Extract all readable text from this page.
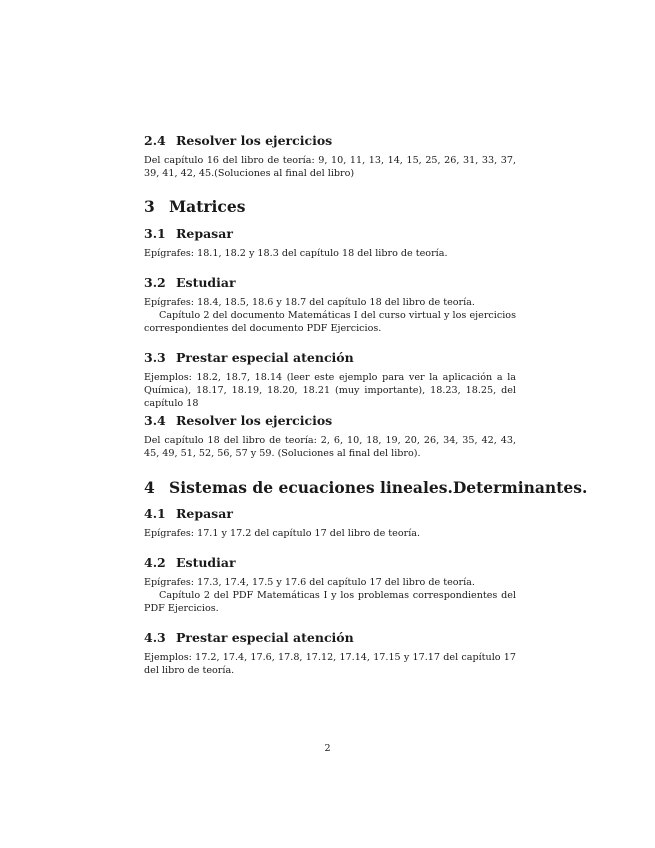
2.4 Resolver los ejercicios

Del capítulo 16 del libro de teoría: 9, 10, 11, 13, 14, 15, 25, 26, 31, 33, 37, 39, 41, 42, 45.(Soluciones al final del libro)

3 Matrices
3.1 Repasar

Epígrafes: 18.1, 18.2 y 18.3 del capítulo 18 del libro de teoría.

3.2 Estudiar

Epígrafes: 18.4, 18.5, 18.6 y 18.7 del capítulo 18 del libro de teoría.

Capítulo 2 del documento Matemáticas I del curso virtual y los ejercicios correspondientes del documento PDF Ejercicios.

3.3 Prestar especial atención

Ejemplos: 18.2, 18.7, 18.14 (leer este ejemplo para ver la aplicación a la Química), 18.17, 18.19, 18.20, 18.21 (muy importante), 18.23, 18.25, del capítulo 18

3.4 Resolver los ejercicios

Del capítulo 18 del libro de teoría: 2, 6, 10, 18, 19, 20, 26, 34, 35, 42, 43, 45, 49, 51, 52, 56, 57 y 59. (Soluciones al final del libro).

4 Sistemas de ecuaciones lineales.Determinantes.
4.1 Repasar

Epígrafes: 17.1 y 17.2 del capítulo 17 del libro de teoría.

4.2 Estudiar

Epígrafes: 17.3, 17.4, 17.5 y 17.6 del capítulo 17 del libro de teoría.

Capítulo 2 del PDF Matemáticas I y los problemas correspondientes del PDF Ejercicios.

4.3 Prestar especial atención

Ejemplos: 17.2, 17.4, 17.6, 17.8, 17.12, 17.14, 17.15 y 17.17 del capítulo 17 del libro de teoría.

2
